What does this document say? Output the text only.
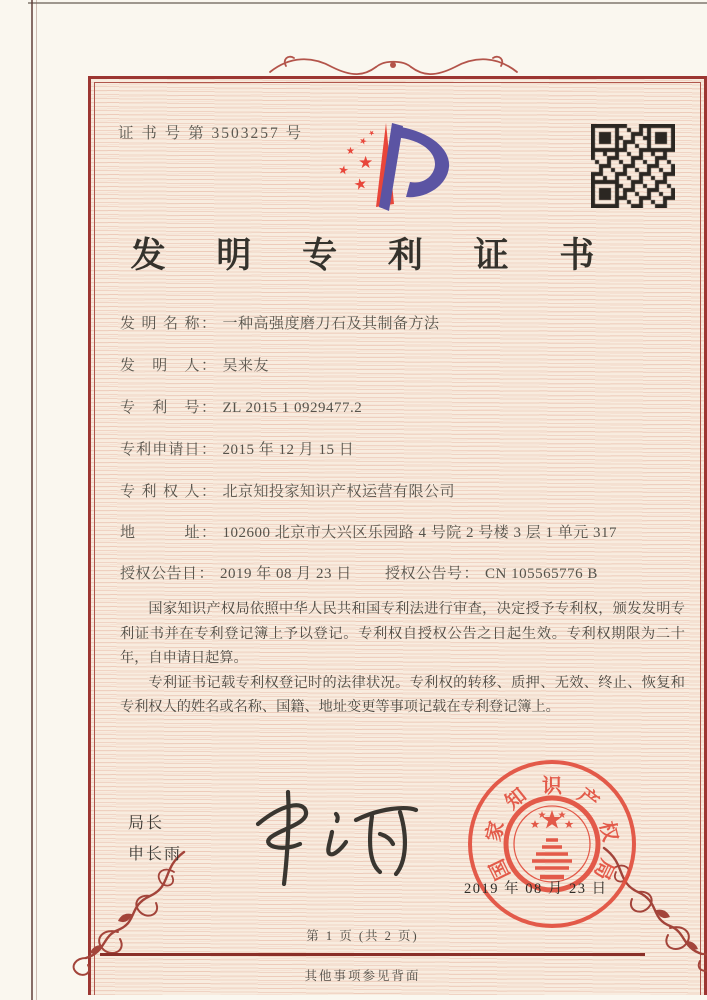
证 书 号 第 3503257 号
★
★
★
★
★
★
发 明 专 利 证 书
发明名称： 一种高强度磨刀石及其制备方法
发明人： 吴来友
专利号： ZL 2015 1 0929477.2
专利申请日： 2015 年 12 月 15 日
专利权人： 北京知投家知识产权运营有限公司
地址： 102600 北京市大兴区乐园路 4 号院 2 号楼 3 层 1 单元 317
授权公告日： 2019 年 08 月 23 日 授权公告号： CN 105565776 B

国家知识产权局依照中华人民共和国专利法进行审查，决定授予专利权，颁发发明专利证书并在专利登记簿上予以登记。专利权自授权公告之日起生效。专利权期限为二十年，自申请日起算。

专利证书记载专利权登记时的法律状况。专利权的转移、质押、无效、终止、恢复和专利权人的姓名或名称、国籍、地址变更等事项记载在专利登记簿上。

局长
申长雨
国
家
知 识 产
权
局
2019 年 08 月 23 日
第 1 页 (共 2 页)
其他事项参见背面
